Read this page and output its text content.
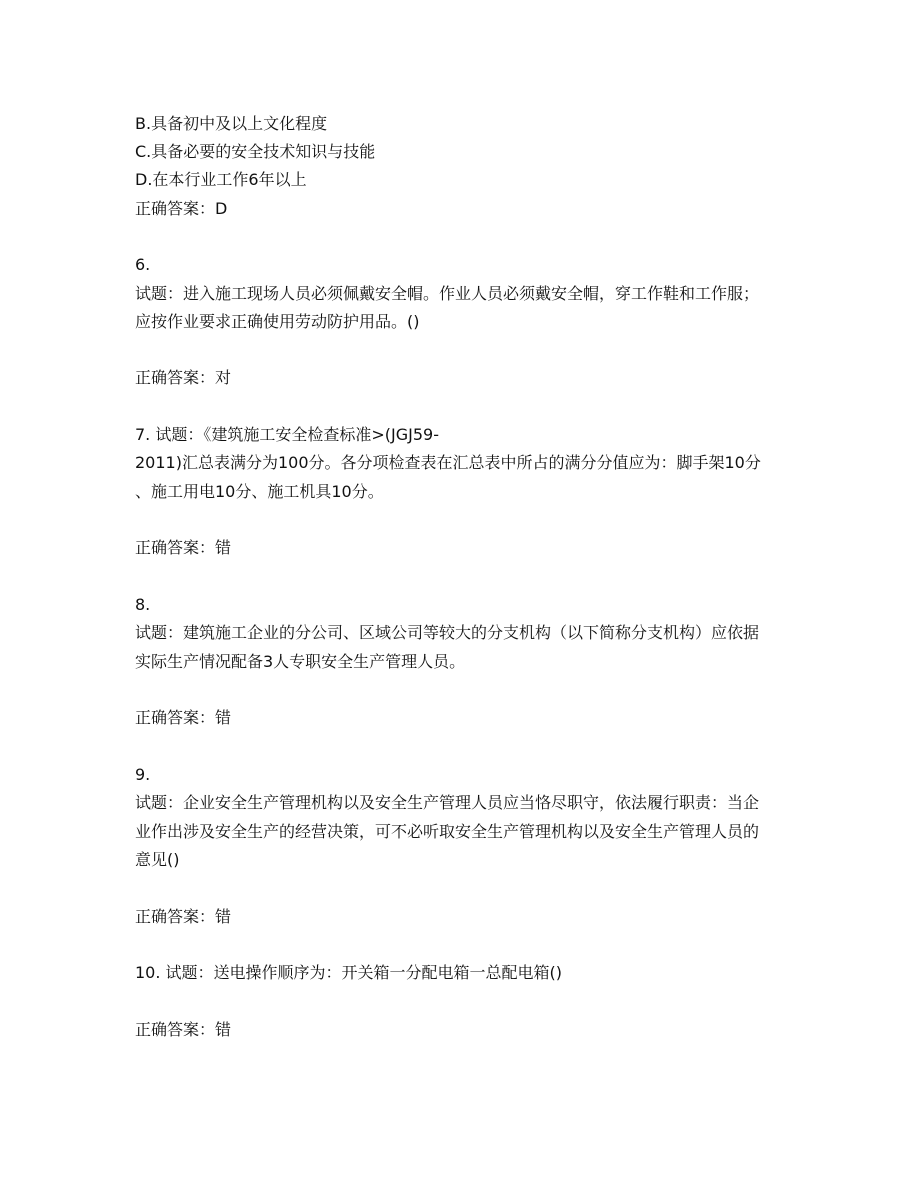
B.具备初中及以上文化程度
C.具备必要的安全技术知识与技能
D.在本行业工作6年以上
正确答案：D
6.
试题：进入施工现场人员必须佩戴安全帽。作业人员必须戴安全帽，穿工作鞋和工作服；
应按作业要求正确使用劳动防护用品。()
正确答案：对
7. 试题：《建筑施工安全检查标准>(JGJ59-
2011)汇总表满分为100分。各分项检查表在汇总表中所占的满分分值应为：脚手架10分
、施工用电10分、施工机具10分。
正确答案：错
8.
试题：建筑施工企业的分公司、区域公司等较大的分支机构（以下简称分支机构）应依据
实际生产情况配备3人专职安全生产管理人员。
正确答案：错
9.
试题：企业安全生产管理机构以及安全生产管理人员应当恪尽职守，依法履行职责：当企
业作出涉及安全生产的经营决策，可不必听取安全生产管理机构以及安全生产管理人员的
意见()
正确答案：错
10. 试题：送电操作顺序为：开关箱一分配电箱一总配电箱()
正确答案：错
